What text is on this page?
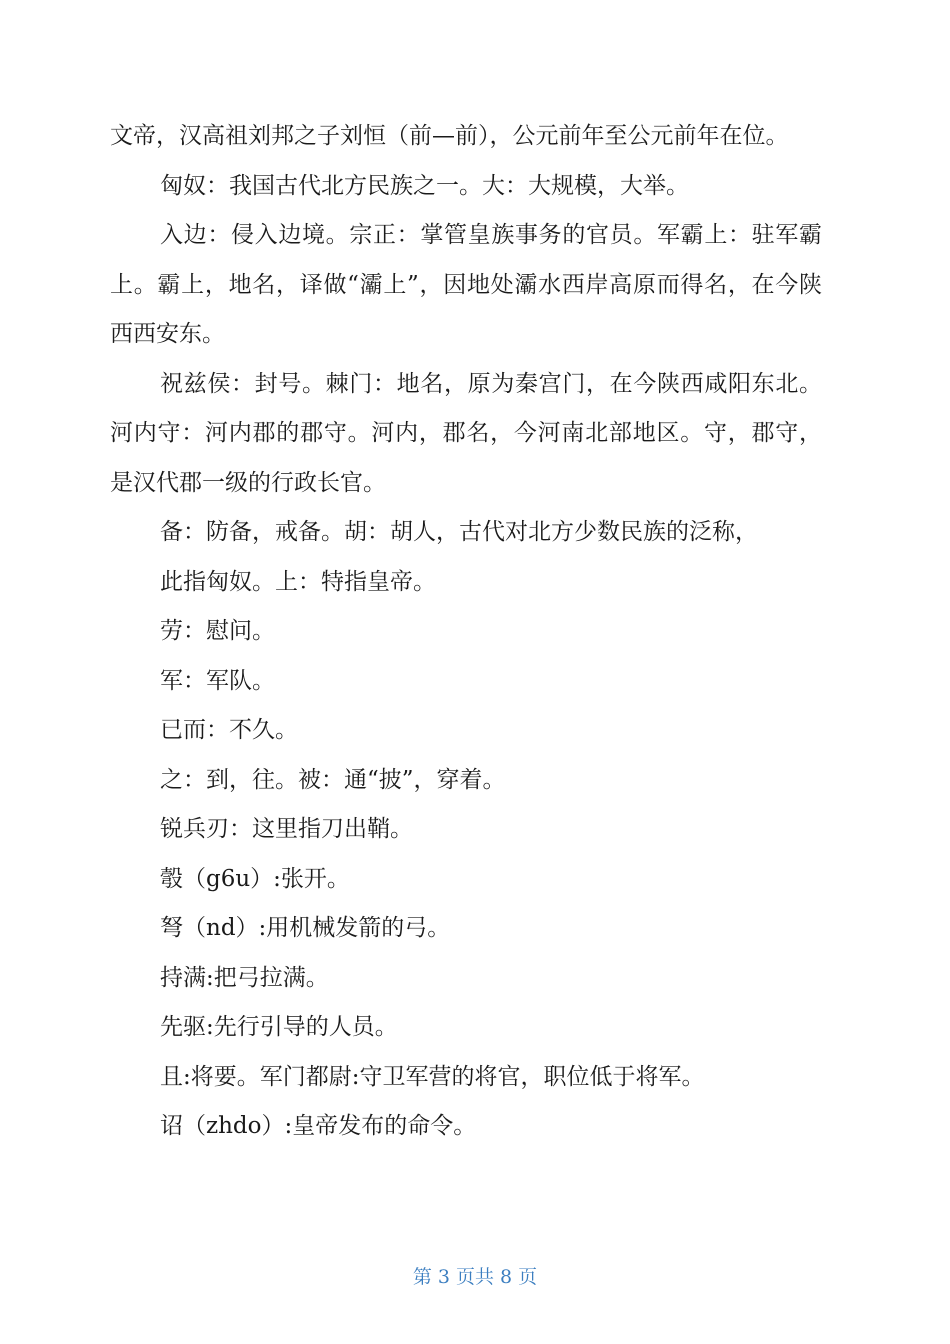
文帝，汉高祖刘邦之子刘恒（前—前），公元前年至公元前年在位。

匈奴：我国古代北方民族之一。大：大规模，大举。

入边：侵入边境。宗正：掌管皇族事务的官员。军霸上：驻军霸上。霸上，地名，译做“灞上”，因地处灞水西岸高原而得名，在今陕西西安东。

祝兹侯：封号。棘门：地名，原为秦宫门，在今陕西咸阳东北。河内守：河内郡的郡守。河内，郡名，今河南北部地区。守，郡守，是汉代郡一级的行政长官。

备：防备，戒备。胡：胡人，古代对北方少数民族的泛称，

此指匈奴。上：特指皇帝。

劳：慰问。

军：军队。

已而：不久。

之：到，往。被：通“披”，穿着。

锐兵刃：这里指刀出鞘。

彀（g6u）:张开。

弩（nd）:用机械发箭的弓。

持满:把弓拉满。

先驱:先行引导的人员。

且:将要。军门都尉:守卫军营的将官，职位低于将军。

诏（zhdo）:皇帝发布的命令。

第 3 页共 8 页
